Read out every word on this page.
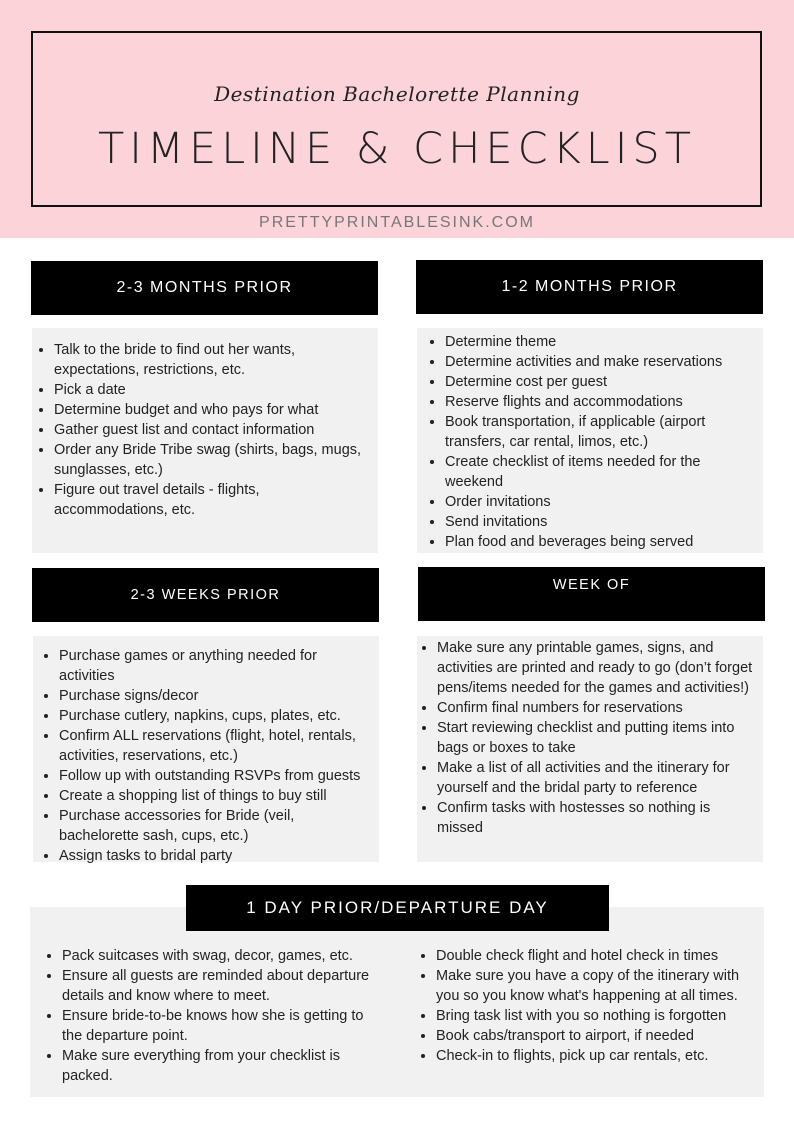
Destination Bachelorette Planning
TIMELINE & CHECKLIST
PRETTYPRINTABLESINK.COM
2-3 MONTHS PRIOR
• Talk to the bride to find out her wants, expectations, restrictions, etc.
• Pick a date
• Determine budget and who pays for what
• Gather guest list and contact information
• Order any Bride Tribe swag (shirts, bags, mugs, sunglasses, etc.)
• Figure out travel details - flights, accommodations, etc.
1-2 MONTHS PRIOR
• Determine theme
• Determine activities and make reservations
• Determine cost per guest
• Reserve flights and accommodations
• Book transportation, if applicable (airport transfers, car rental, limos, etc.)
• Create checklist of items needed for the weekend
• Order invitations
• Send invitations
• Plan food and beverages being served
2-3 WEEKS PRIOR
• Purchase games or anything needed for activities
• Purchase signs/decor
• Purchase cutlery, napkins, cups, plates, etc.
• Confirm ALL reservations (flight, hotel, rentals, activities, reservations, etc.)
• Follow up with outstanding RSVPs from guests
• Create a shopping list of things to buy still
• Purchase accessories for Bride (veil, bachelorette sash, cups, etc.)
• Assign tasks to bridal party
WEEK OF
• Make sure any printable games, signs, and activities are printed and ready to go (don’t forget pens/items needed for the games and activities!)
• Confirm final numbers for reservations
• Start reviewing checklist and putting items into bags or boxes to take
• Make a list of all activities and the itinerary for yourself and the bridal party to reference
• Confirm tasks with hostesses so nothing is missed
1 DAY PRIOR/DEPARTURE DAY
• Pack suitcases with swag, decor, games, etc.
• Ensure all guests are reminded about departure details and know where to meet.
• Ensure bride-to-be knows how she is getting to the departure point.
• Make sure everything from your checklist is packed.
• Double check flight and hotel check in times
• Make sure you have a copy of the itinerary with you so you know what's happening at all times.
• Bring task list with you so nothing is forgotten
• Book cabs/transport to airport, if needed
• Check-in to flights, pick up car rentals, etc.
